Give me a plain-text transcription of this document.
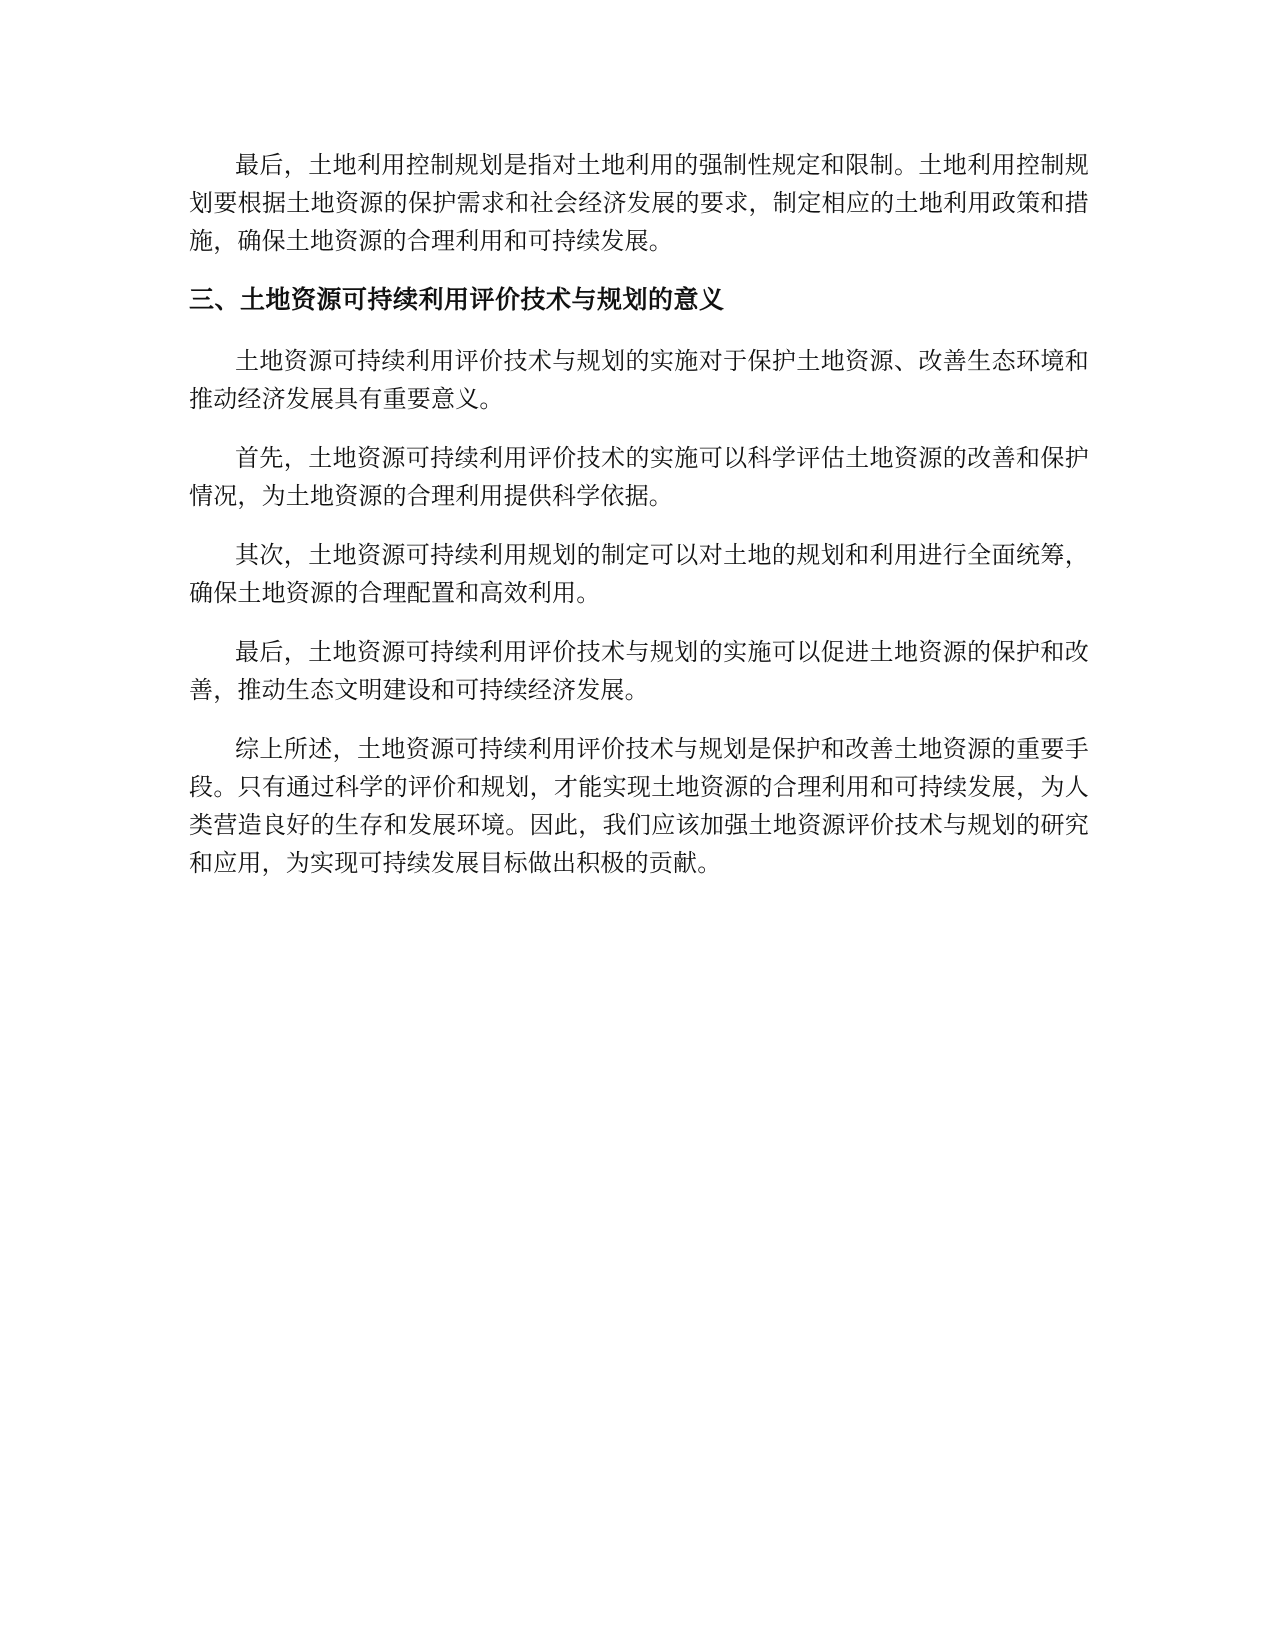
最后，土地利用控制规划是指对土地利用的强制性规定和限制。土地利用控制规划要根据土地资源的保护需求和社会经济发展的要求，制定相应的土地利用政策和措施，确保土地资源的合理利用和可持续发展。

三、土地资源可持续利用评价技术与规划的意义

土地资源可持续利用评价技术与规划的实施对于保护土地资源、改善生态环境和推动经济发展具有重要意义。

首先，土地资源可持续利用评价技术的实施可以科学评估土地资源的改善和保护情况，为土地资源的合理利用提供科学依据。

其次，土地资源可持续利用规划的制定可以对土地的规划和利用进行全面统筹，确保土地资源的合理配置和高效利用。

最后，土地资源可持续利用评价技术与规划的实施可以促进土地资源的保护和改善，推动生态文明建设和可持续经济发展。

综上所述，土地资源可持续利用评价技术与规划是保护和改善土地资源的重要手段。只有通过科学的评价和规划，才能实现土地资源的合理利用和可持续发展，为人类营造良好的生存和发展环境。因此，我们应该加强土地资源评价技术与规划的研究和应用，为实现可持续发展目标做出积极的贡献。
